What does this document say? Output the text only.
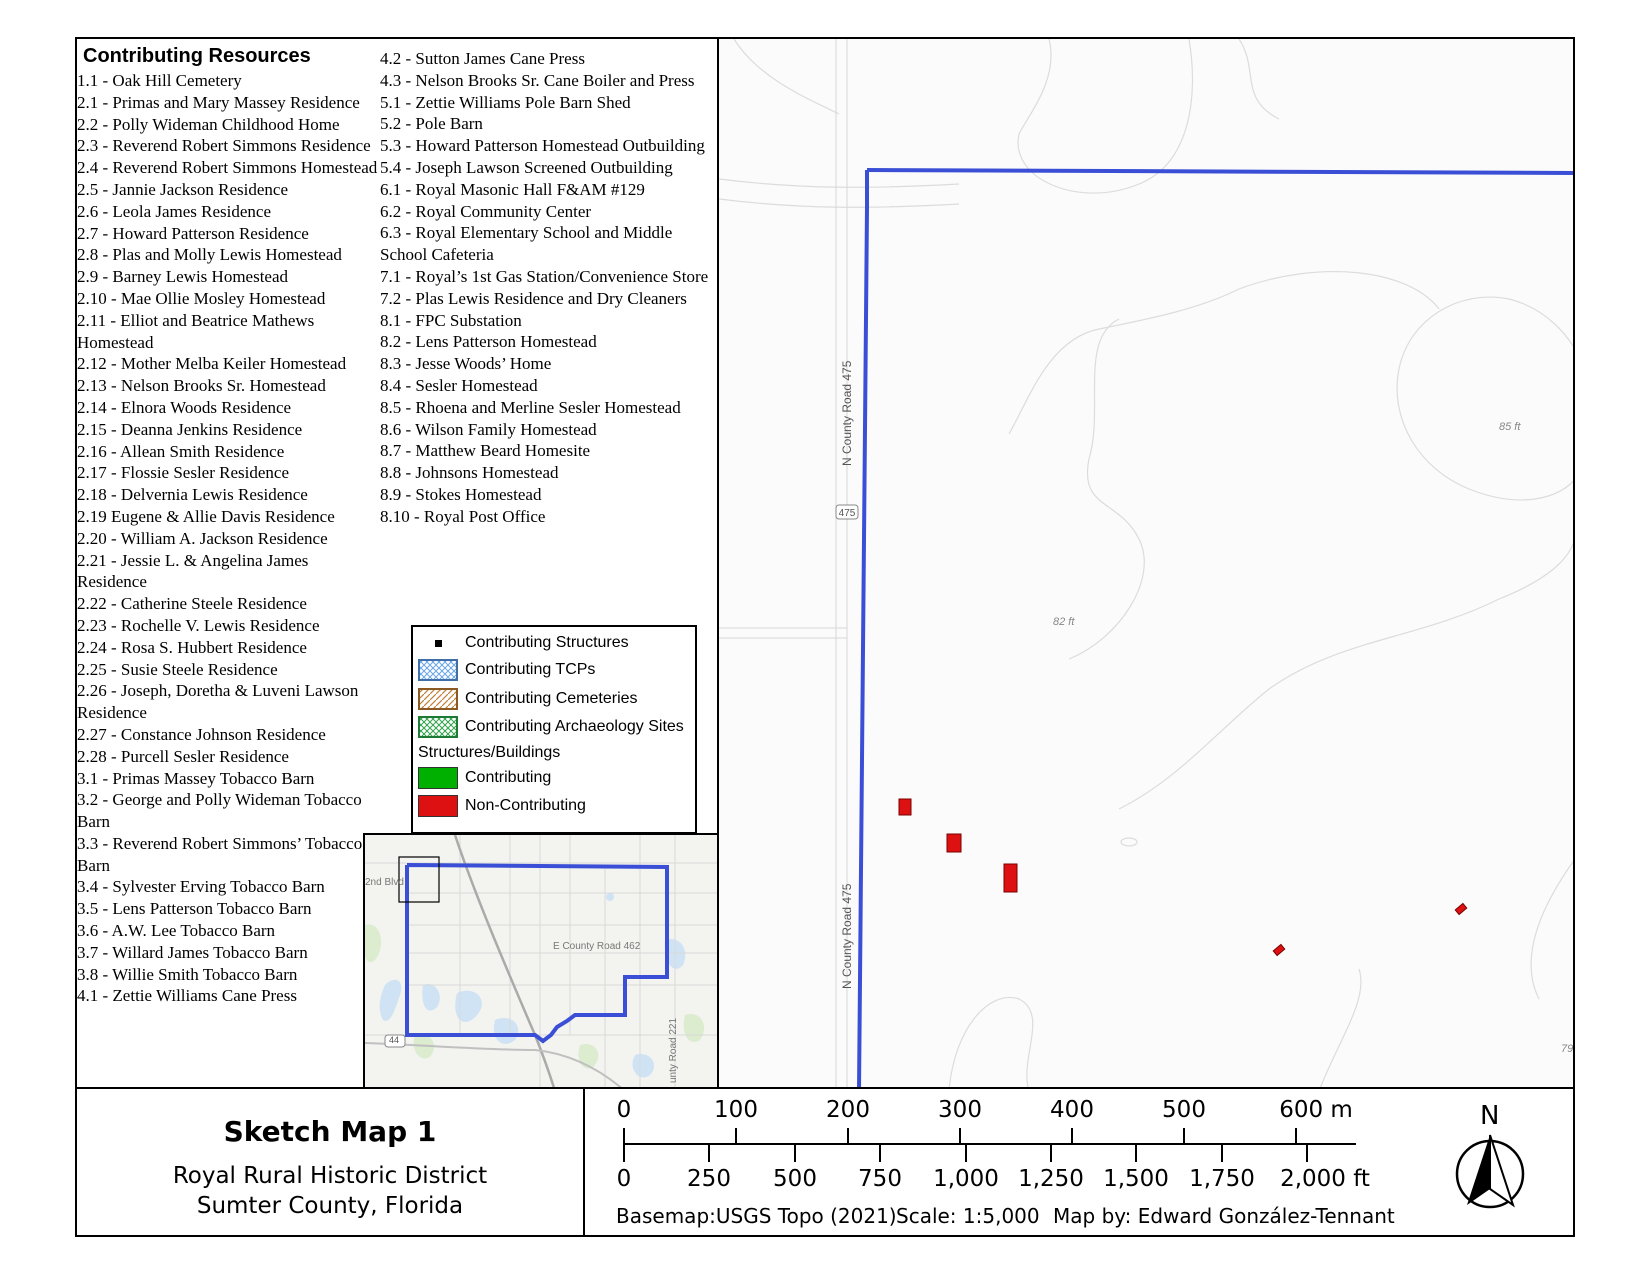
475
N County Road 475
N County Road 475
85 ft
82 ft
79
Contributing Resources
1.1 - Oak Hill Cemetery
2.1 - Primas and Mary Massey Residence
2.2 - Polly Wideman Childhood Home
2.3 - Reverend Robert Simmons Residence
2.4 - Reverend Robert Simmons Homestead
2.5 - Jannie Jackson Residence
2.6 - Leola James Residence
2.7 - Howard Patterson Residence
2.8 - Plas and Molly Lewis Homestead
2.9 - Barney Lewis Homestead
2.10 - Mae Ollie Mosley Homestead
2.11 - Elliot and Beatrice Mathews Homestead
2.12 - Mother Melba Keiler Homestead
2.13 - Nelson Brooks Sr. Homestead
2.14 - Elnora Woods Residence
2.15 - Deanna Jenkins Residence
2.16 - Allean Smith Residence
2.17 - Flossie Sesler Residence
2.18 - Delvernia Lewis Residence
2.19 Eugene & Allie Davis Residence
2.20 - William A. Jackson Residence
2.21 - Jessie L. & Angelina James Residence
2.22 - Catherine Steele Residence
2.23 - Rochelle V. Lewis Residence
2.24 - Rosa S. Hubbert Residence
2.25 - Susie Steele Residence
2.26 - Joseph, Doretha & Luveni Lawson Residence
2.27 - Constance Johnson Residence
2.28 - Purcell Sesler Residence
3.1 - Primas Massey Tobacco Barn
3.2 - George and Polly Wideman Tobacco Barn
3.3 - Reverend Robert Simmons’ Tobacco Barn
3.4 - Sylvester Erving Tobacco Barn
3.5 - Lens Patterson Tobacco Barn
3.6 - A.W. Lee Tobacco Barn
3.7 - Willard James Tobacco Barn
3.8 - Willie Smith Tobacco Barn
4.1 - Zettie Williams Cane Press
4.2 - Sutton James Cane Press
4.3 - Nelson Brooks Sr. Cane Boiler and Press
5.1 - Zettie Williams Pole Barn Shed
5.2 - Pole Barn
5.3 - Howard Patterson Homestead Outbuilding
5.4 - Joseph Lawson Screened Outbuilding
6.1 - Royal Masonic Hall F&AM #129
6.2 - Royal Community Center
6.3 - Royal Elementary School and Middle School Cafeteria
7.1 - Royal’s 1st Gas Station/Convenience Store
7.2 - Plas Lewis Residence and Dry Cleaners
8.1 - FPC Substation
8.2 - Lens Patterson Homestead
8.3 - Jesse Woods’ Home
8.4 - Sesler Homestead
8.5 - Rhoena and Merline Sesler Homestead
8.6 - Wilson Family Homestead
8.7 - Matthew Beard Homesite
8.8 - Johnsons Homestead
8.9 - Stokes Homestead
8.10 - Royal Post Office
Contributing Structures
Contributing TCPs
Contributing Cemeteries
Contributing Archaeology Sites
Structures/Buildings
Contributing
Non-Contributing
E County Road 462
2nd Blvd
unty Road 221
44
Sketch Map 1
Royal Rural Historic District
Sumter County, Florida
0	100	200	300	400	500	600 m
0 250 500 750 1,000 1,250 1,500 1,750 2,000 ft
Basemap:USGS Topo (2021) Scale: 1:5,000 Map by: Edward González-Tennant
N
